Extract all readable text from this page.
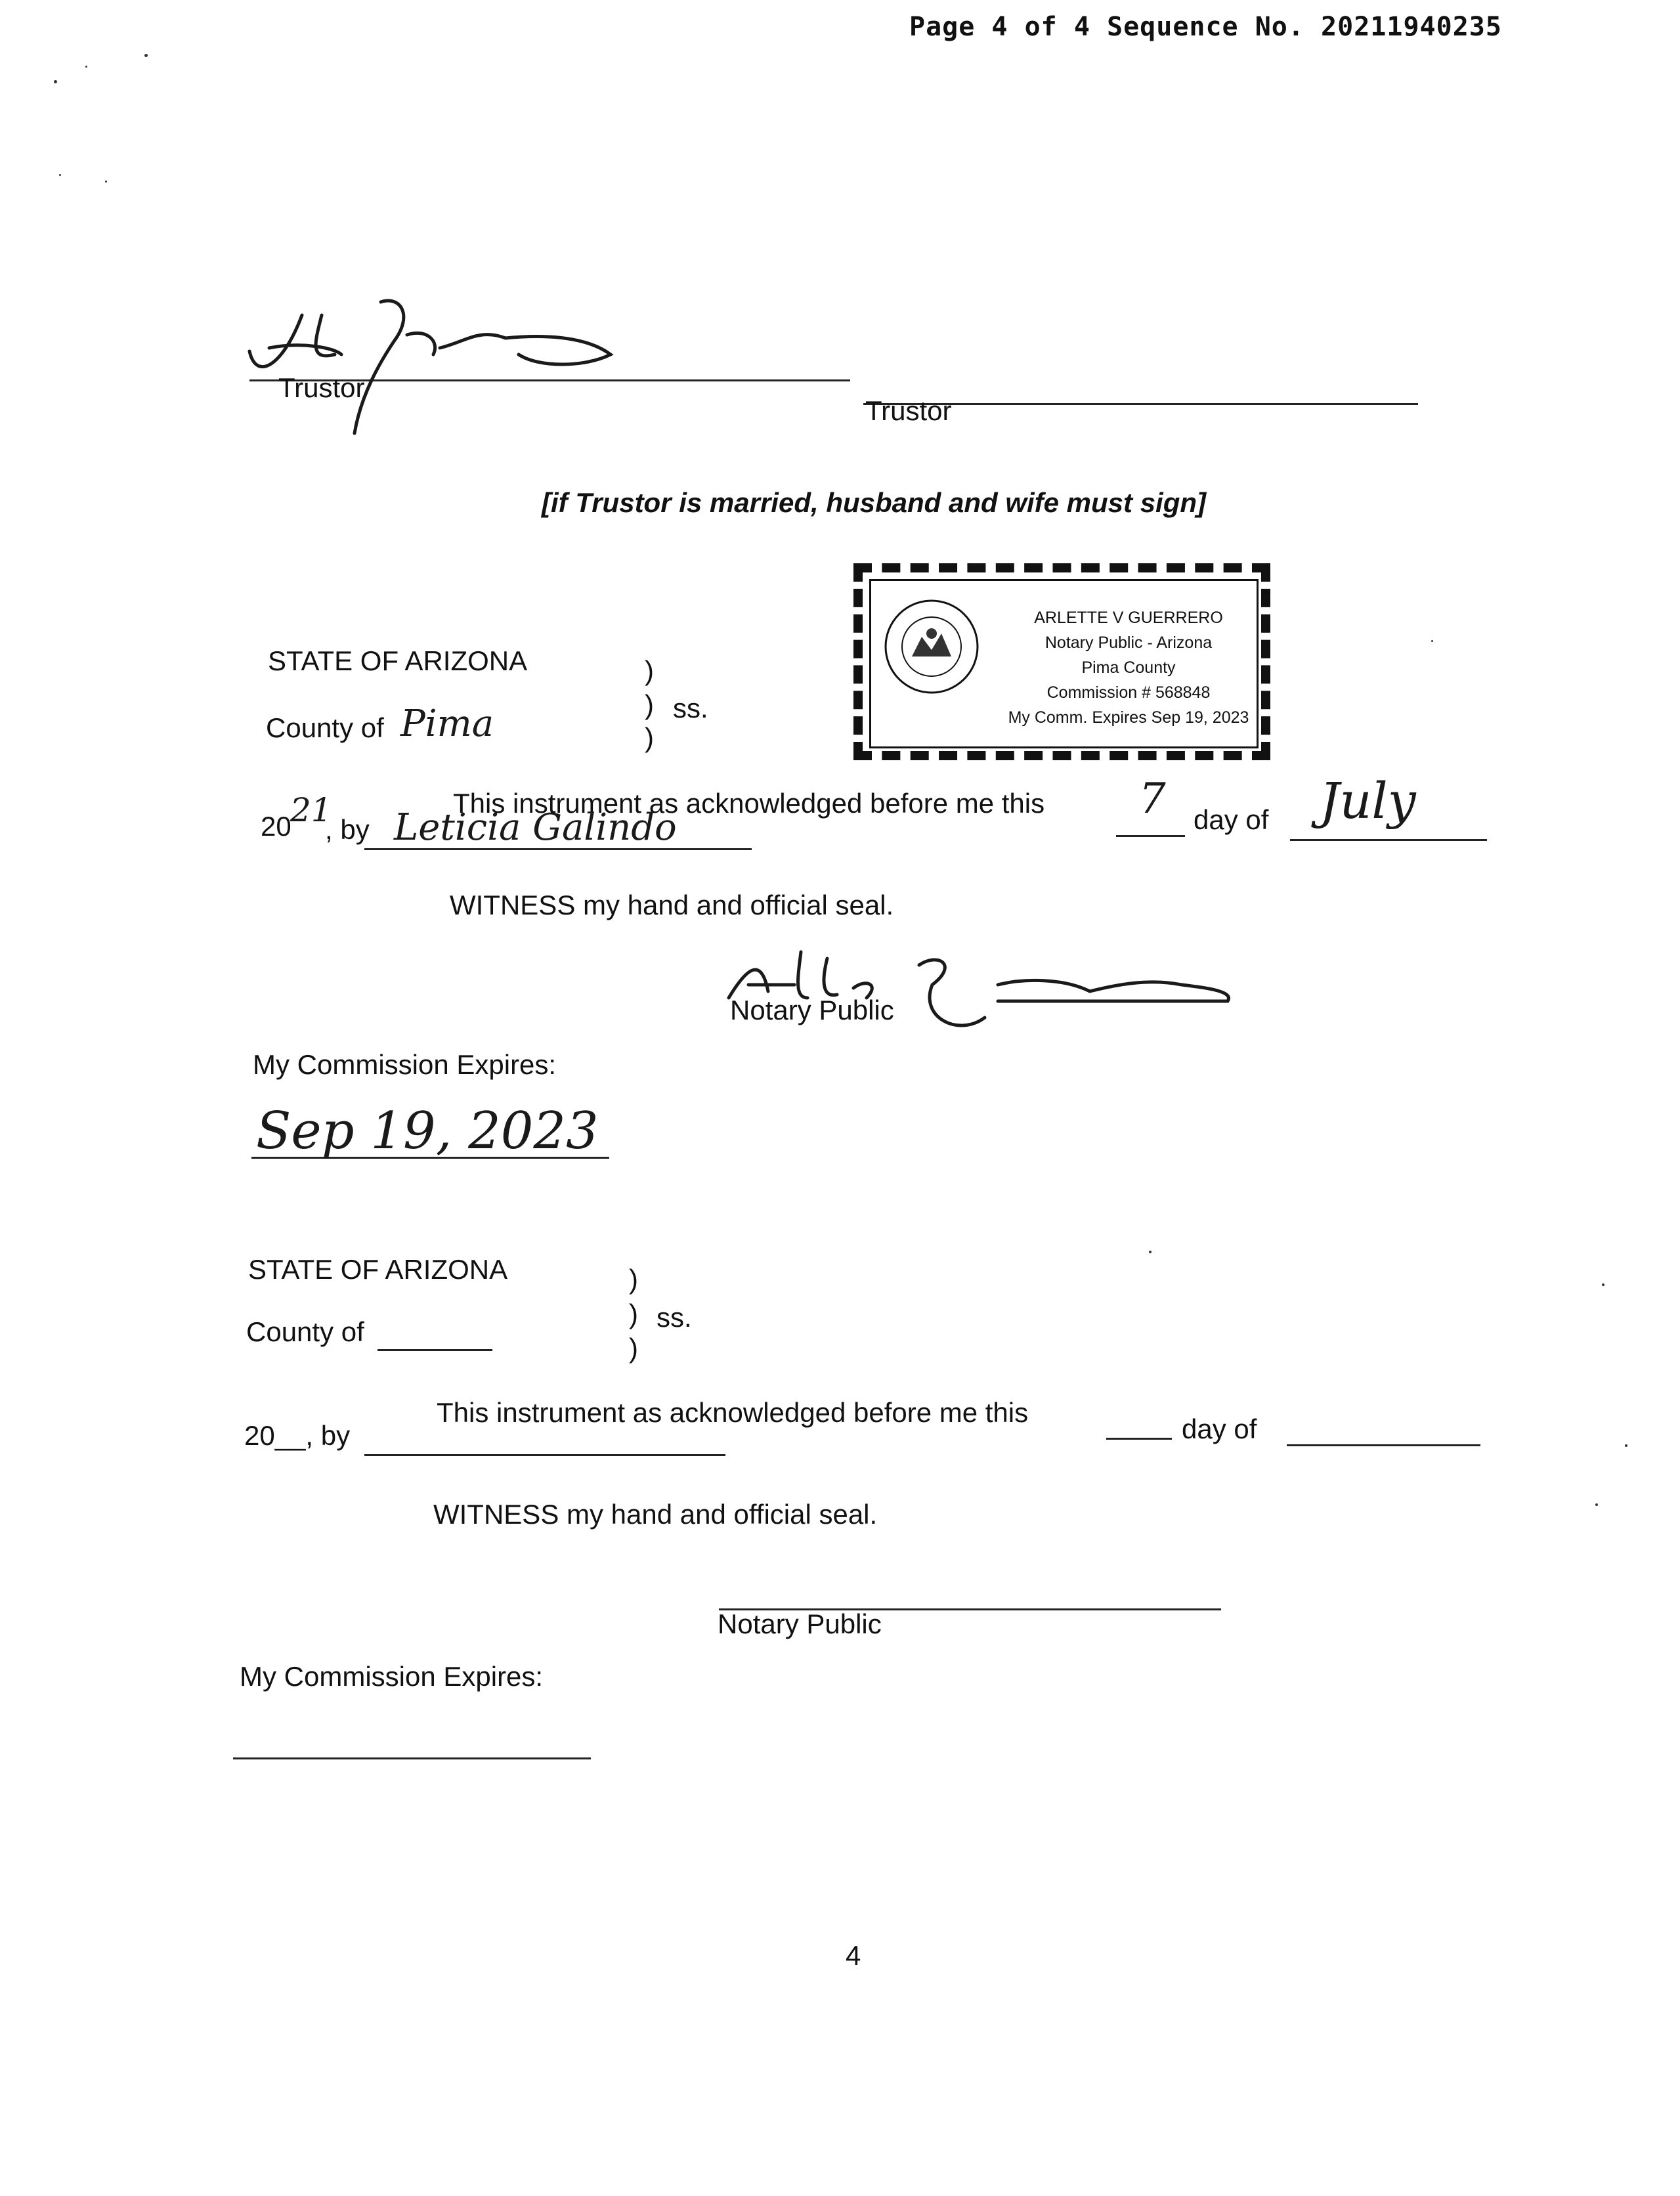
Page 4 of 4 Sequence No. 20211940235
Trustor
Trustor
[if Trustor is married, husband and wife must sign]
ARLETTE V GUERRERO
Notary Public - Arizona
Pima County
Commission # 568848
My Comm. Expires Sep 19, 2023
STATE OF ARIZONA	)
) ss.
)
County of Pima
This instrument as acknowledged before me this 7 day of July
20
21
, by Leticia Galindo
WITNESS my hand and official seal.
Notary Public
My Commission Expires:
Sep 19, 2023
STATE OF ARIZONA	)
) ss.
)
County of
This instrument as acknowledged before me this
day of
20__, by
WITNESS my hand and official seal.
Notary Public
My Commission Expires:
4
